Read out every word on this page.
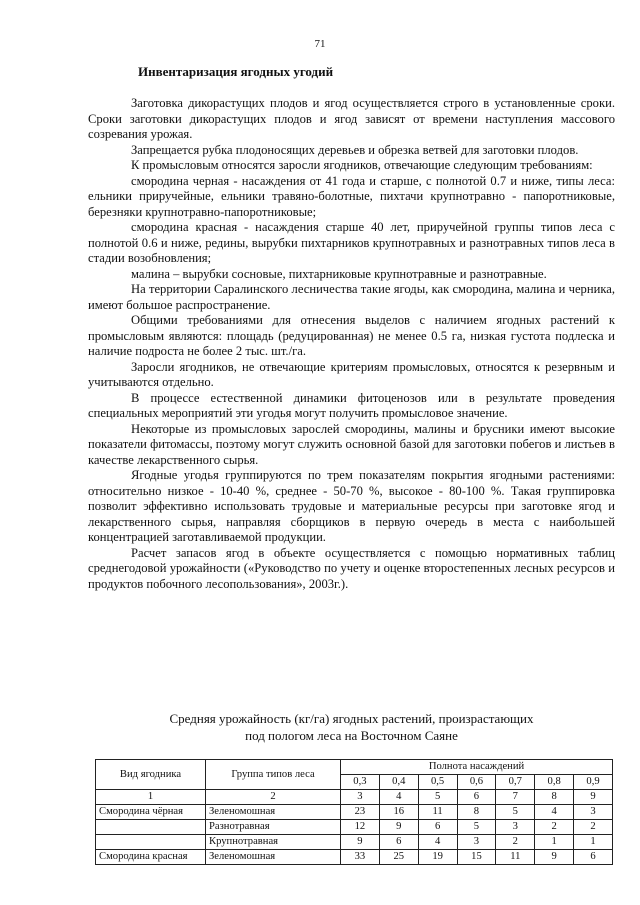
71
Инвентаризация ягодных угодий

Заготовка дикорастущих плодов и ягод осуществляется строго в установленные сроки. Сроки заготовки дикорастущих плодов и ягод зависят от времени наступления массового созревания урожая.

Запрещается рубка плодоносящих деревьев и обрезка ветвей для заготовки плодов.

К промысловым относятся заросли ягодников, отвечающие следующим требованиям:

смородина черная - насаждения от 41 года и старше, с полнотой 0.7 и ниже, типы леса: ельники приручейные, ельники травяно-болотные, пихтачи крупнотравно - папоротниковые, березняки крупнотравно-папоротниковые;

смородина красная - насаждения старше 40 лет, приручейной группы типов леса с полнотой 0.6 и ниже, редины, вырубки пихтарников крупнотравных и разнотравных типов леса в стадии возобновления;

малина – вырубки сосновые, пихтарниковые крупнотравные и разнотравные.

На территории Саралинского лесничества такие ягоды, как смородина, малина и черника, имеют большое распространение.

Общими требованиями для отнесения выделов с наличием ягодных растений к промысловым являются: площадь (редуцированная) не менее 0.5 га, низкая густота подлеска и наличие подроста не более 2 тыс. шт./га.

Заросли ягодников, не отвечающие критериям промысловых, относятся к резервным и учитываются отдельно.

В процессе естественной динамики фитоценозов или в результате проведения специальных мероприятий эти угодья могут получить промысловое значение.

Некоторые из промысловых зарослей смородины, малины и брусники имеют высокие показатели фитомассы, поэтому могут служить основной базой для заготовки побегов и листьев в качестве лекарственного сырья.

Ягодные угодья группируются по трем показателям покрытия ягодными растениями: относительно низкое - 10-40 %, среднее - 50-70 %, высокое - 80-100 %. Такая группировка позволит эффективно использовать трудовые и материальные ресурсы при заготовке ягод и лекарственного сырья, направляя сборщиков в первую очередь в места с наибольшей концентрацией заготавливаемой продукции.

Расчет запасов ягод в объекте осуществляется с помощью нормативных таблиц среднегодовой урожайности («Руководство по учету и оценке второстепенных лесных ресурсов и продуктов побочного лесопользования», 2003г.).

Средняя урожайность (кг/га) ягодных растений, произрастающих
под пологом леса на Восточном Саяне
Вид ягодника	Группа типов леса	Полнота насаждений						
		0,3	0,4	0,5	0,6	0,7	0,8	0,9
1	2	3	4	5	6	7	8	9
Смородина чёрная	Зеленомошная	23	16	11	8	5	4	3
	Разнотравная	12	9	6	5	3	2	2
	Крупнотравная	9	6	4	3	2	1	1
Смородина красная	Зеленомошная	33	25	19	15	11	9	6
